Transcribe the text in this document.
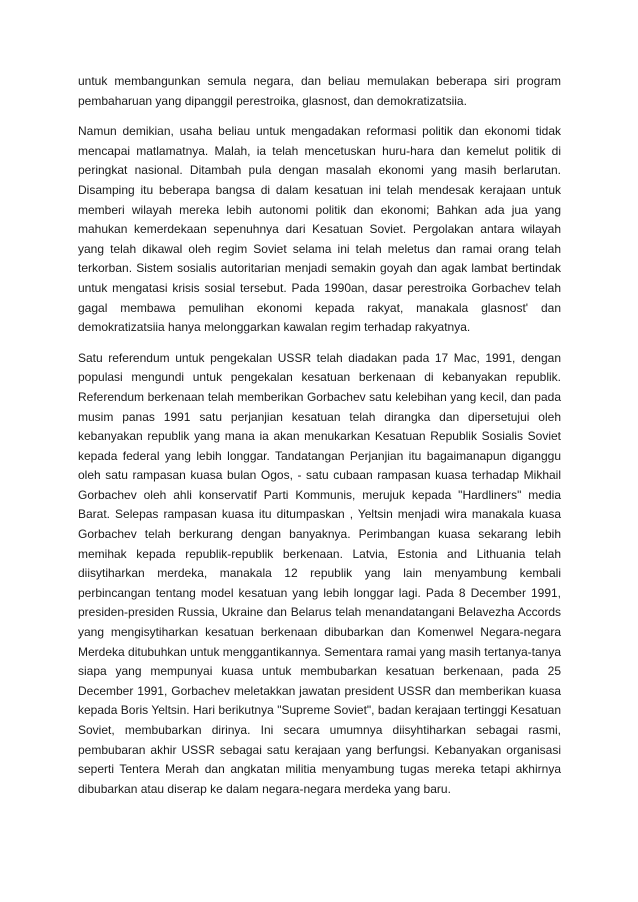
untuk membangunkan semula negara, dan beliau memulakan beberapa siri program pembaharuan yang dipanggil perestroika, glasnost, dan demokratizatsiia.

Namun demikian, usaha beliau untuk mengadakan reformasi politik dan ekonomi tidak mencapai matlamatnya. Malah, ia telah mencetuskan huru-hara dan kemelut politik di peringkat nasional. Ditambah pula dengan masalah ekonomi yang masih berlarutan. Disamping itu beberapa bangsa di dalam kesatuan ini telah mendesak kerajaan untuk memberi wilayah mereka lebih autonomi politik dan ekonomi; Bahkan ada jua yang mahukan kemerdekaan sepenuhnya dari Kesatuan Soviet. Pergolakan antara wilayah yang telah dikawal oleh regim Soviet selama ini telah meletus dan ramai orang telah terkorban. Sistem sosialis autoritarian menjadi semakin goyah dan agak lambat bertindak untuk mengatasi krisis sosial tersebut. Pada 1990an, dasar perestroika Gorbachev telah gagal membawa pemulihan ekonomi kepada rakyat, manakala glasnost' dan demokratizatsiia hanya melonggarkan kawalan regim terhadap rakyatnya.

Satu referendum untuk pengekalan USSR telah diadakan pada 17 Mac, 1991, dengan populasi mengundi untuk pengekalan kesatuan berkenaan di kebanyakan republik. Referendum berkenaan telah memberikan Gorbachev satu kelebihan yang kecil, dan pada musim panas 1991 satu perjanjian kesatuan telah dirangka dan dipersetujui oleh kebanyakan republik yang mana ia akan menukarkan Kesatuan Republik Sosialis Soviet kepada federal yang lebih longgar. Tandatangan Perjanjian itu bagaimanapun diganggu oleh satu rampasan kuasa bulan Ogos, - satu cubaan rampasan kuasa terhadap Mikhail Gorbachev oleh ahli konservatif Parti Kommunis, merujuk kepada "Hardliners" media Barat. Selepas rampasan kuasa itu ditumpaskan , Yeltsin menjadi wira manakala kuasa Gorbachev telah berkurang dengan banyaknya. Perimbangan kuasa sekarang lebih memihak kepada republik-republik berkenaan. Latvia, Estonia and Lithuania telah diisytiharkan merdeka, manakala 12 republik yang lain menyambung kembali perbincangan tentang model kesatuan yang lebih longgar lagi. Pada 8 December 1991, presiden-presiden Russia, Ukraine dan Belarus telah menandatangani Belavezha Accords yang mengisytiharkan kesatuan berkenaan dibubarkan dan Komenwel Negara-negara Merdeka ditubuhkan untuk menggantikannya. Sementara ramai yang masih tertanya-tanya siapa yang mempunyai kuasa untuk membubarkan kesatuan berkenaan, pada 25 December 1991, Gorbachev meletakkan jawatan president USSR dan memberikan kuasa kepada Boris Yeltsin. Hari berikutnya "Supreme Soviet", badan kerajaan tertinggi Kesatuan Soviet, membubarkan dirinya. Ini secara umumnya diisyhtiharkan sebagai rasmi, pembubaran akhir USSR sebagai satu kerajaan yang berfungsi. Kebanyakan organisasi seperti Tentera Merah dan angkatan militia menyambung tugas mereka tetapi akhirnya dibubarkan atau diserap ke dalam negara-negara merdeka yang baru.
